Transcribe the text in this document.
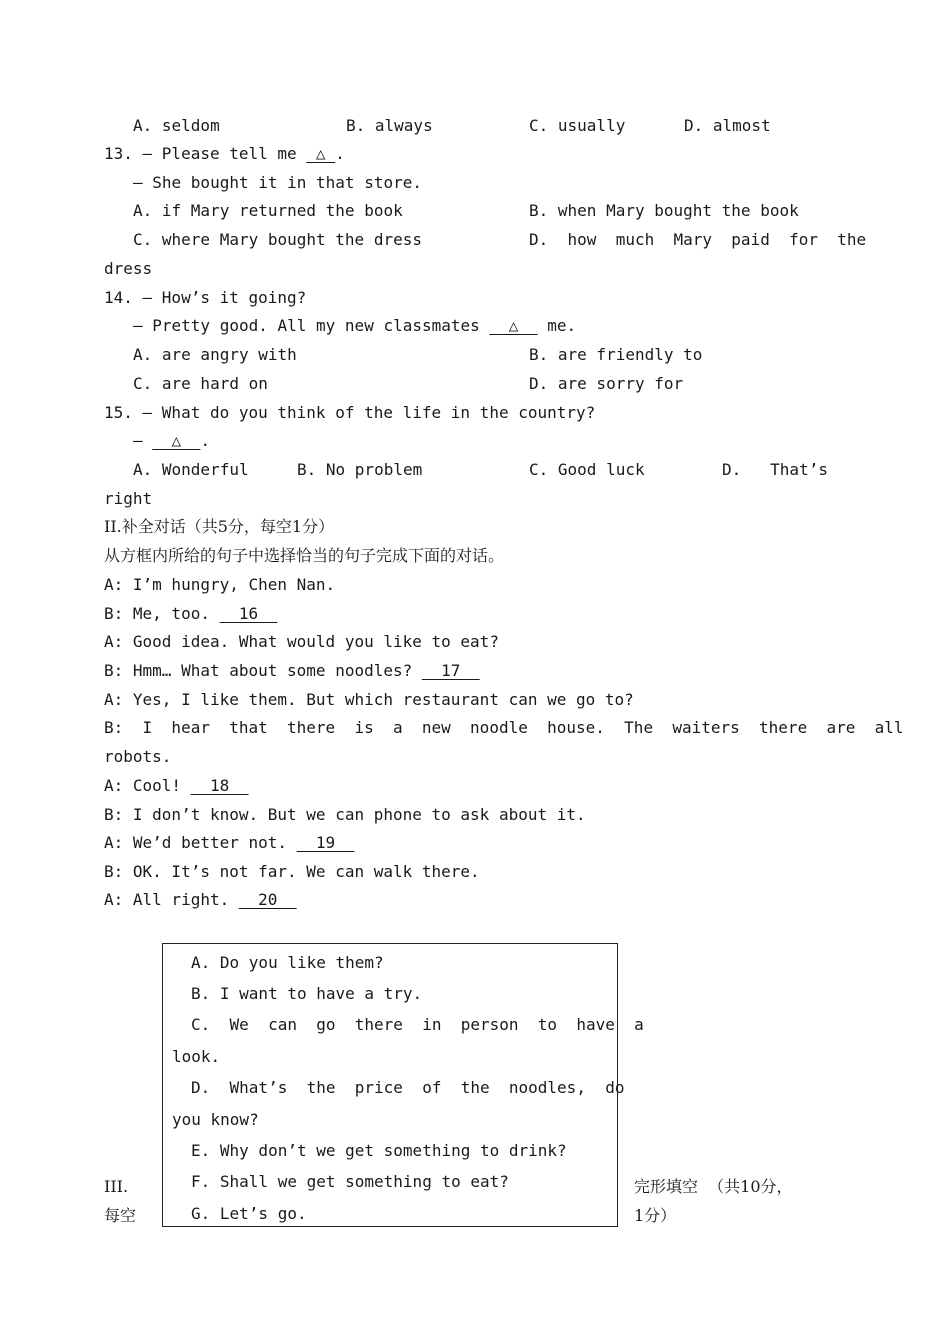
A. seldom	B. always	C. usually	D. almost
13. — Please tell me  △ .
— She bought it in that store.
A. if Mary returned the book	B. when Mary bought the book
C. where Mary bought the dress	D.  how  much  Mary  paid  for  the
dress
14. — How’s it going?
— Pretty good. All my new classmates   △   me.
A. are angry with	B. are friendly to
C. are hard on	D. are sorry for
15. — What do you think of the life in the country?
—   △  .
A. Wonderful	B. No problem	C. Good luck	D.   That’s
right
II.补全对话（共5分，每空1分）
从方框内所给的句子中选择恰当的句子完成下面的对话。
A: I’m hungry, Chen Nan.
B: Me, too.   16
A: Good idea. What would you like to eat?
B: Hmm… What about some noodles?   17
A: Yes, I like them. But which restaurant can we go to?
B:  I  hear  that  there  is  a  new  noodle  house.  The  waiters  there  are  all
robots.
A: Cool!   18
B: I don’t know. But we can phone to ask about it.
A: We’d better not.   19
B: OK. It’s not far. We can walk there.
A: All right.   20
A. Do you like them?
B. I want to have a try.
C.  We  can  go  there  in  person  to  have  a
look.
D.  What’s  the  price  of  the  noodles,  do
you know?
E. Why don’t we get something to drink?
F. Shall we get something to eat?
G. Let’s go.
III.
每空
完形填空  （共10分，
1分）
